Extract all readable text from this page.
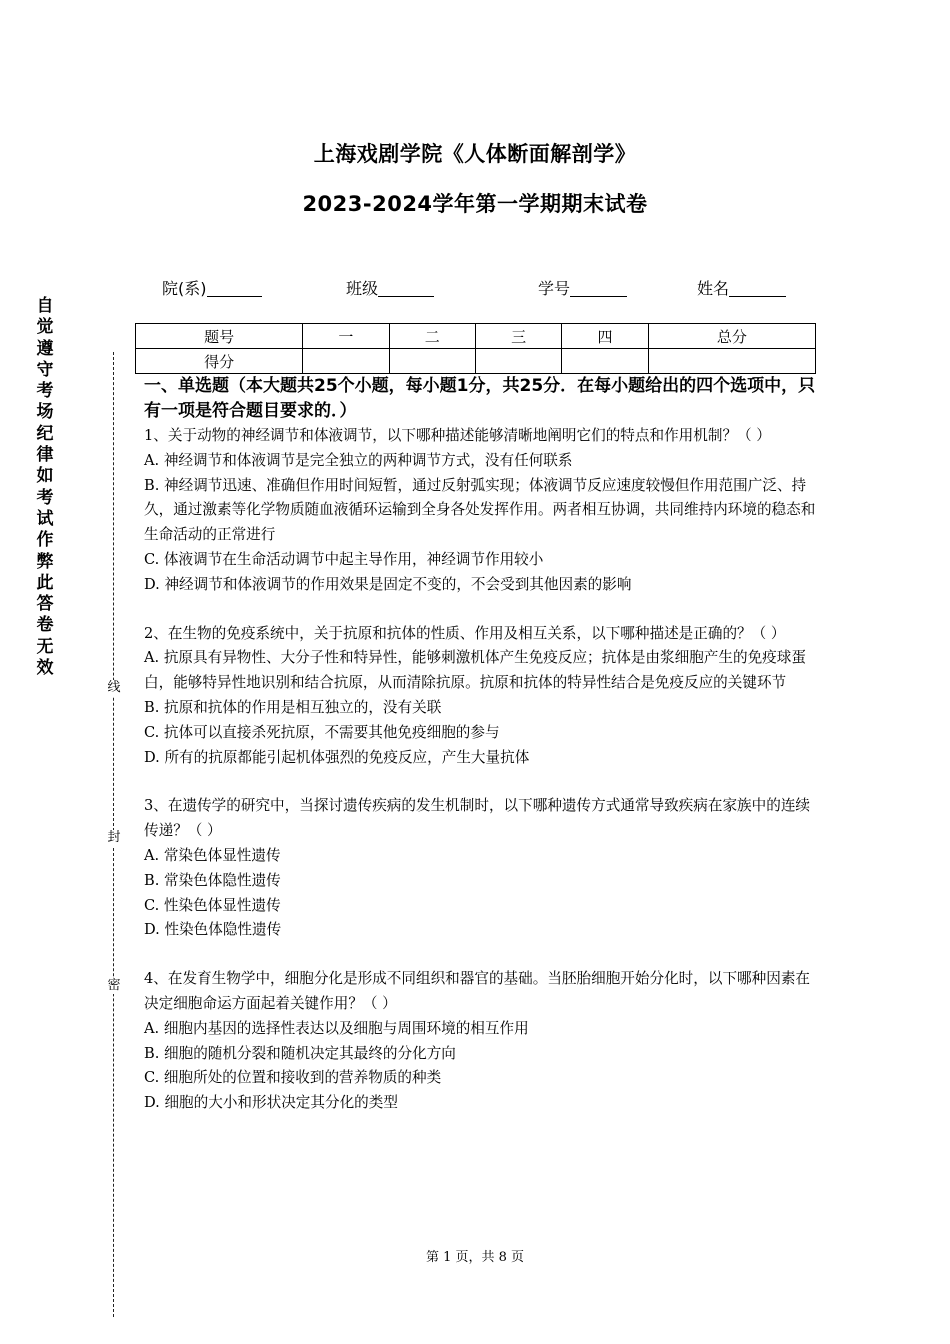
自觉遵守考场纪律如考试作弊此答卷无效
线
封
密
上海戏剧学院《人体断面解剖学》
2023-2024学年第一学期期末试卷
院(系)	班级	学号	姓名
题号	一	二	三	四	总分
得分					
一、单选题（本大题共25个小题，每小题1分，共25分．在每小题给出的四个选项中，只有一项是符合题目要求的．）

1、关于动物的神经调节和体液调节，以下哪种描述能够清晰地阐明它们的特点和作用机制？（ ）

A. 神经调节和体液调节是完全独立的两种调节方式，没有任何联系

B. 神经调节迅速、准确但作用时间短暂，通过反射弧实现；体液调节反应速度较慢但作用范围广泛、持久，通过激素等化学物质随血液循环运输到全身各处发挥作用。两者相互协调，共同维持内环境的稳态和生命活动的正常进行

C. 体液调节在生命活动调节中起主导作用，神经调节作用较小

D. 神经调节和体液调节的作用效果是固定不变的，不会受到其他因素的影响

2、在生物的免疫系统中，关于抗原和抗体的性质、作用及相互关系，以下哪种描述是正确的？（ ）

A. 抗原具有异物性、大分子性和特异性，能够刺激机体产生免疫反应；抗体是由浆细胞产生的免疫球蛋白，能够特异性地识别和结合抗原，从而清除抗原。抗原和抗体的特异性结合是免疫反应的关键环节

B. 抗原和抗体的作用是相互独立的，没有关联

C. 抗体可以直接杀死抗原，不需要其他免疫细胞的参与

D. 所有的抗原都能引起机体强烈的免疫反应，产生大量抗体

3、在遗传学的研究中，当探讨遗传疾病的发生机制时，以下哪种遗传方式通常导致疾病在家族中的连续传递？（ ）

A. 常染色体显性遗传

B. 常染色体隐性遗传

C. 性染色体显性遗传

D. 性染色体隐性遗传

4、在发育生物学中，细胞分化是形成不同组织和器官的基础。当胚胎细胞开始分化时，以下哪种因素在决定细胞命运方面起着关键作用？（ ）

A. 细胞内基因的选择性表达以及细胞与周围环境的相互作用

B. 细胞的随机分裂和随机决定其最终的分化方向

C. 细胞所处的位置和接收到的营养物质的种类

D. 细胞的大小和形状决定其分化的类型

第 1 页，共 8 页
